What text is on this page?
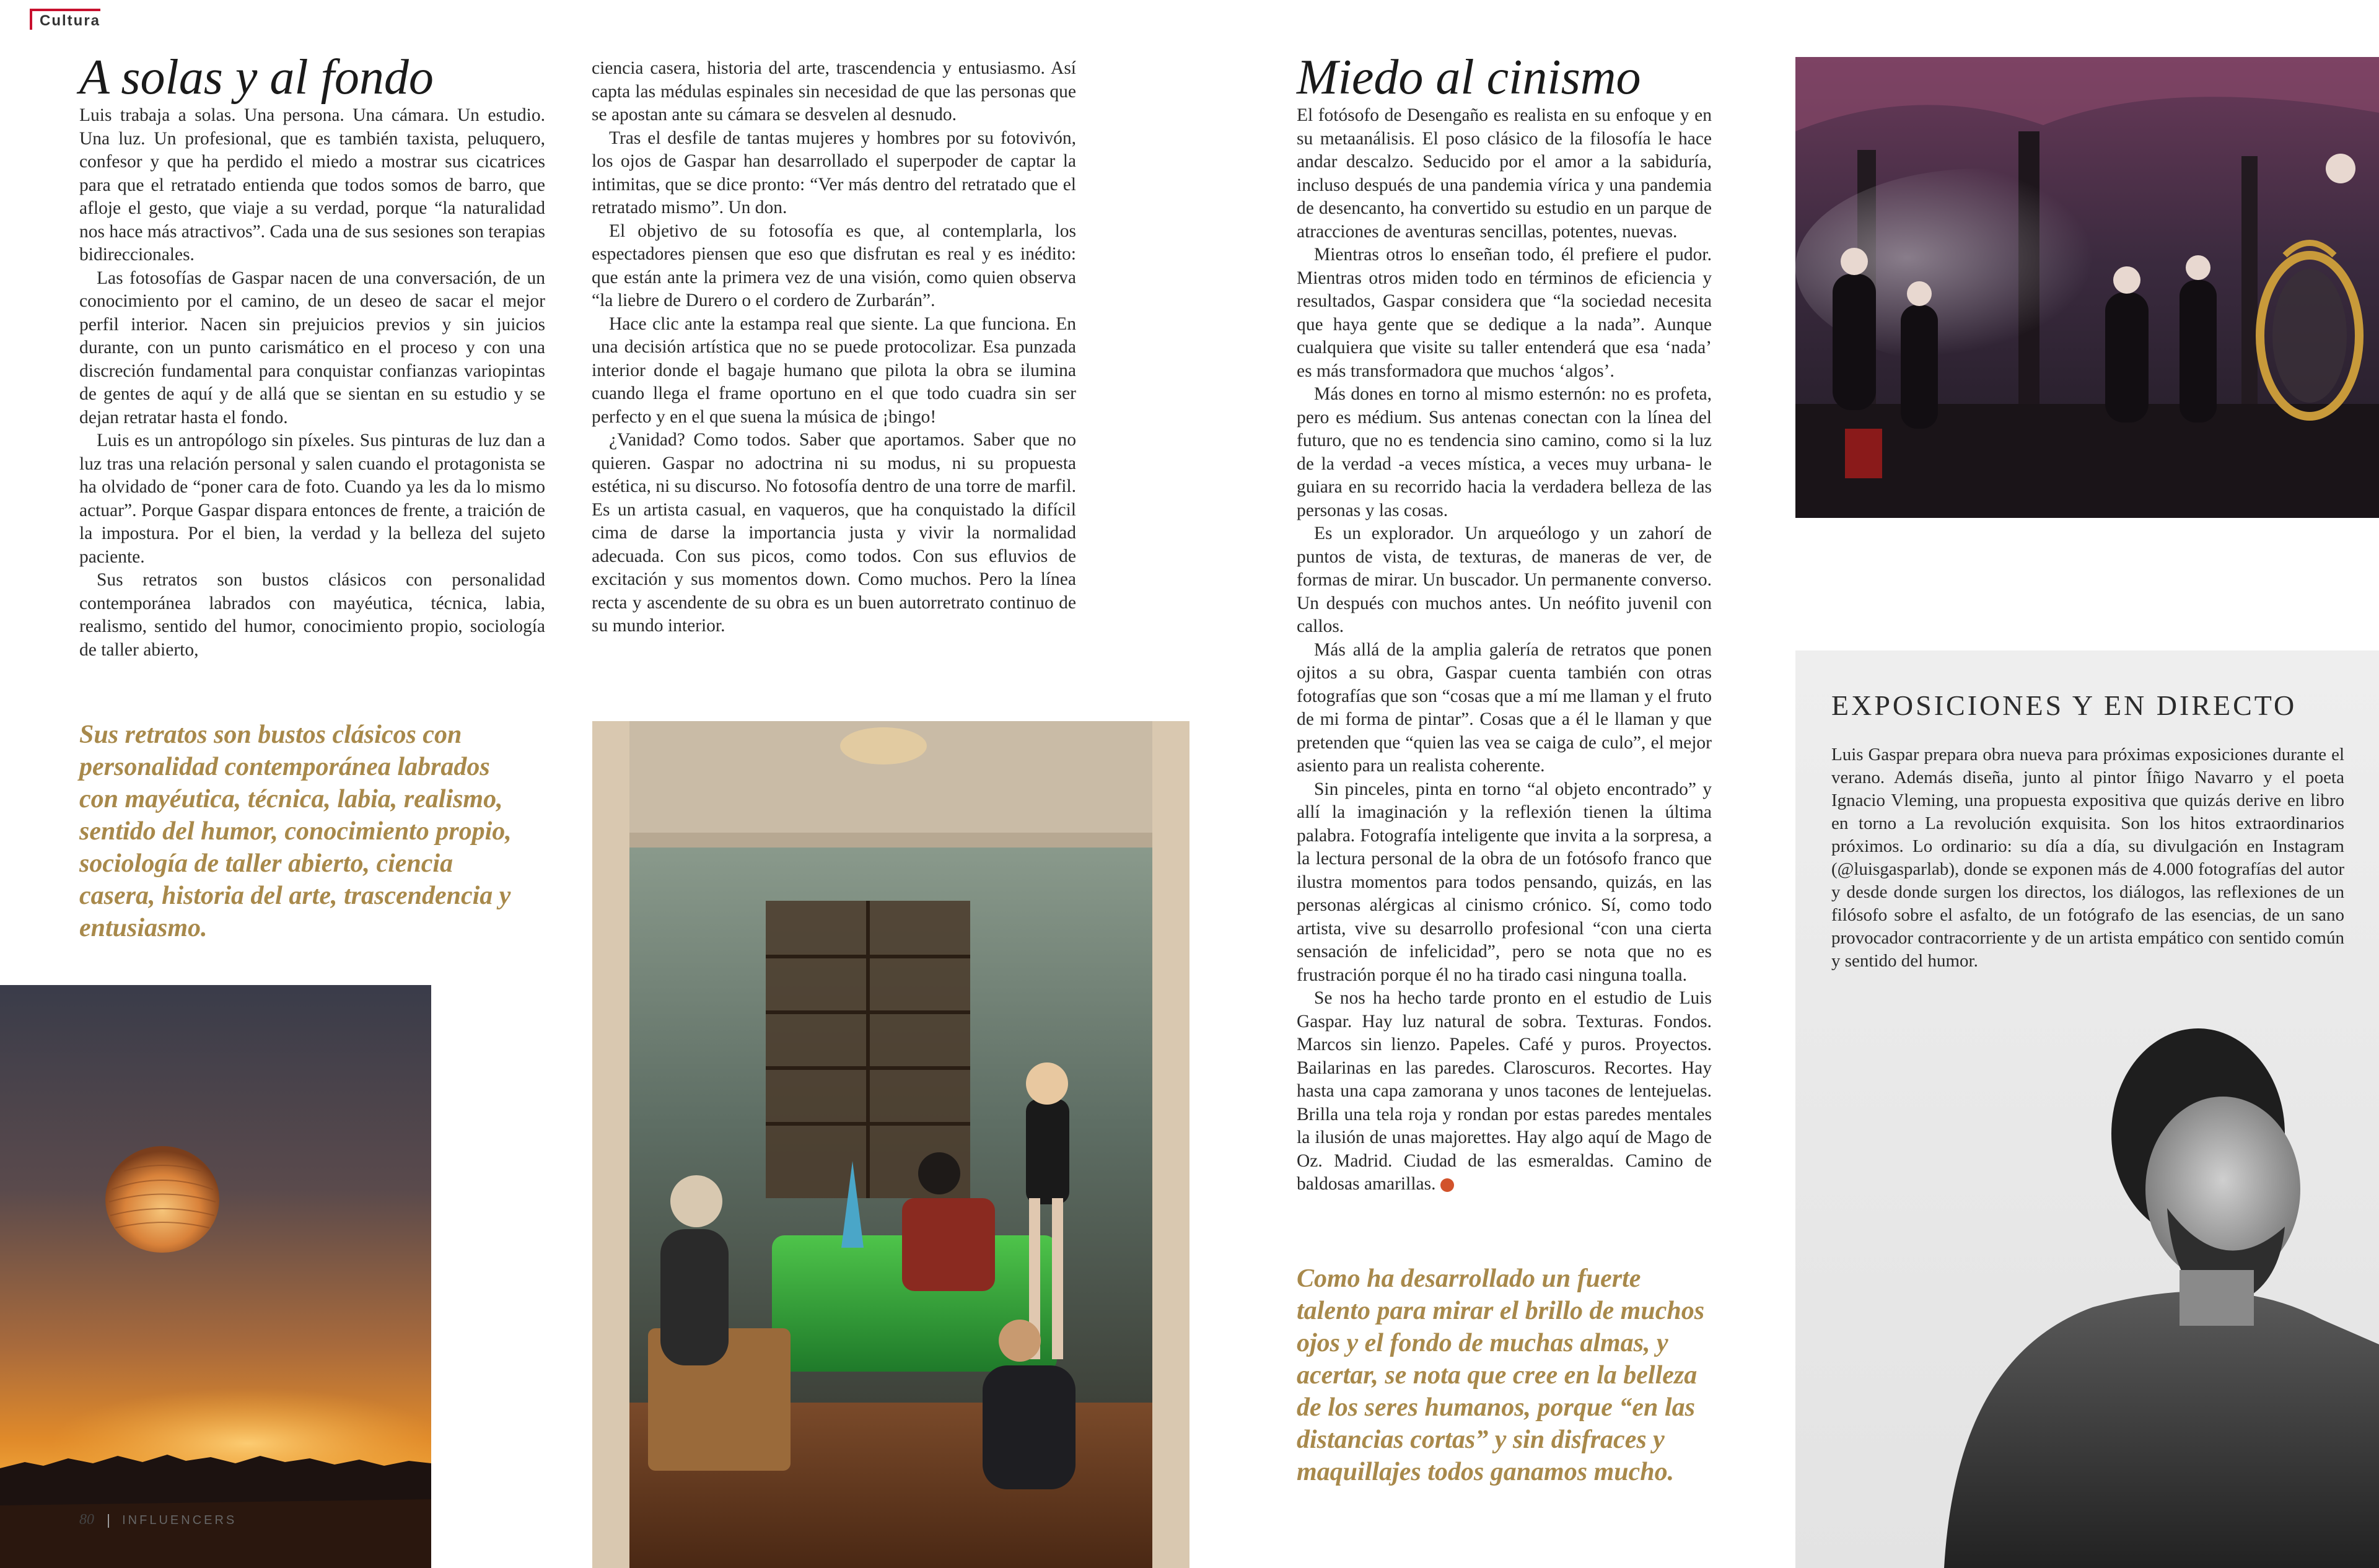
Cultura
A solas y al fondo

Luis trabaja a solas. Una persona. Una cámara. Un estudio. Una luz. Un profesional, que es también taxista, peluquero, confesor y que ha perdido el miedo a mostrar sus cicatrices para que el retratado entienda que todos somos de barro, que afloje el gesto, que viaje a su verdad, porque “la naturalidad nos hace más atractivos”. Cada una de sus sesiones son terapias bidireccionales.

Las fotosofías de Gaspar nacen de una conversación, de un conocimiento por el camino, de un deseo de sacar el mejor perfil interior. Nacen sin prejuicios previos y sin juicios durante, con un punto carismático en el proceso y con una discreción fundamental para conquistar confianzas variopintas de gentes de aquí y de allá que se sientan en su estudio y se dejan retratar hasta el fondo.

Luis es un antropólogo sin píxeles. Sus pinturas de luz dan a luz tras una relación personal y salen cuando el protagonista se ha olvidado de “poner cara de foto. Cuando ya les da lo mismo actuar”. Porque Gaspar dispara entonces de frente, a traición de la impostura. Por el bien, la verdad y la belleza del sujeto paciente.

Sus retratos son bustos clásicos con personalidad contemporánea labrados con mayéutica, técnica, labia, realismo, sentido del humor, conocimiento propio, sociología de taller abierto,

ciencia casera, historia del arte, trascendencia y entusiasmo. Así capta las médulas espinales sin necesidad de que las personas que se apostan ante su cámara se desvelen al desnudo.

Tras el desfile de tantas mujeres y hombres por su fotovivón, los ojos de Gaspar han desarrollado el superpoder de captar la intimitas, que se dice pronto: “Ver más dentro del retratado que el retratado mismo”. Un don.

El objetivo de su fotosofía es que, al contemplarla, los espectadores piensen que eso que disfrutan es real y es inédito: que están ante la primera vez de una visión, como quien observa “la liebre de Durero o el cordero de Zurbarán”.

Hace clic ante la estampa real que siente. La que funciona. En una decisión artística que no se puede protocolizar. Esa punzada interior donde el bagaje humano que pilota la obra se ilumina cuando llega el frame oportuno en el que todo cuadra sin ser perfecto y en el que suena la música de ¡bingo!

¿Vanidad? Como todos. Saber que aportamos. Saber que no quieren. Gaspar no adoctrina ni su modus, ni su propuesta estética, ni su discurso. No fotosofía dentro de una torre de marfil. Es un artista casual, en vaqueros, que ha conquistado la difícil cima de darse la importancia justa y vivir la normalidad adecuada. Con sus picos, como todos. Con sus efluvios de excitación y sus momentos down. Como muchos. Pero la línea recta y ascendente de su obra es un buen autorretrato continuo de su mundo interior.

Sus retratos son bustos clásicos con personalidad contemporánea labrados con mayéutica, técnica, labia, realismo, sentido del humor, conocimiento propio, sociología de taller abierto, ciencia casera, historia del arte, trascendencia y entusiasmo.
Miedo al cinismo

El fotósofo de Desengaño es realista en su enfoque y en su metaanálisis. El poso clásico de la filosofía le hace andar descalzo. Seducido por el amor a la sabiduría, incluso después de una pandemia vírica y una pandemia de desencanto, ha convertido su estudio en un parque de atracciones de aventuras sencillas, potentes, nuevas.

Mientras otros lo enseñan todo, él prefiere el pudor. Mientras otros miden todo en términos de eficiencia y resultados, Gaspar considera que “la sociedad necesita que haya gente que se dedique a la nada”. Aunque cualquiera que visite su taller entenderá que esa ‘nada’ es más transformadora que muchos ‘algos’.

Más dones en torno al mismo esternón: no es profeta, pero es médium. Sus antenas conectan con la línea del futuro, que no es tendencia sino camino, como si la luz de la verdad -a veces mística, a veces muy urbana- le guiara en su recorrido hacia la verdadera belleza de las personas y las cosas.

Es un explorador. Un arqueólogo y un zahorí de puntos de vista, de texturas, de maneras de ver, de formas de mirar. Un buscador. Un permanente converso. Un después con muchos antes. Un neófito juvenil con callos.

Más allá de la amplia galería de retratos que ponen ojitos a su obra, Gaspar cuenta también con otras fotografías que son “cosas que a mí me llaman y el fruto de mi forma de pintar”. Cosas que a él le llaman y que pretenden que “quien las vea se caiga de culo”, el mejor asiento para un realista coherente.

Sin pinceles, pinta en torno “al objeto encontrado” y allí la imaginación y la reflexión tienen la última palabra. Fotografía inteligente que invita a la sorpresa, a la lectura personal de la obra de un fotósofo franco que ilustra momentos para todos pensando, quizás, en las personas alérgicas al cinismo crónico. Sí, como todo artista, vive su desarrollo profesional “con una cierta sensación de infelicidad”, pero se nota que no es frustración porque él no ha tirado casi ninguna toalla.

Se nos ha hecho tarde pronto en el estudio de Luis Gaspar. Hay luz natural de sobra. Texturas. Fondos. Marcos sin lienzo. Papeles. Café y puros. Proyectos. Bailarinas en las paredes. Claroscuros. Recortes. Hay hasta una capa zamorana y unos tacones de lentejuelas. Brilla una tela roja y rondan por estas paredes mentales la ilusión de unas majorettes. Hay algo aquí de Mago de Oz. Madrid. Ciudad de las esmeraldas. Camino de baldosas amarillas.	IN

Como ha desarrollado un fuerte talento para mirar el brillo de muchos ojos y el fondo de muchas almas, y acertar, se nota que cree en la belleza de los seres humanos, porque “en las distancias cortas” y sin disfraces y maquillajes todos ganamos mucho.
EXPOSICIONES Y EN DIRECTO
Luis Gaspar prepara obra nueva para próximas exposiciones durante el verano. Además diseña, junto al pintor Íñigo Navarro y el poeta Ignacio Vleming, una propuesta expositiva que quizás derive en libro en torno a La revolución exquisita. Son los hitos extraordinarios próximos. Lo ordinario: su día a día, su divulgación en Instagram (@luisgasparlab), donde se exponen más de 4.000 fotografías del autor y desde donde surgen los directos, los diálogos, las reflexiones de un filósofo sobre el asfalto, de un fotógrafo de las esencias, de un sano provocador contracorriente y de un artista empático con sentido común y sentido del humor.
80 INFLUENCERS
